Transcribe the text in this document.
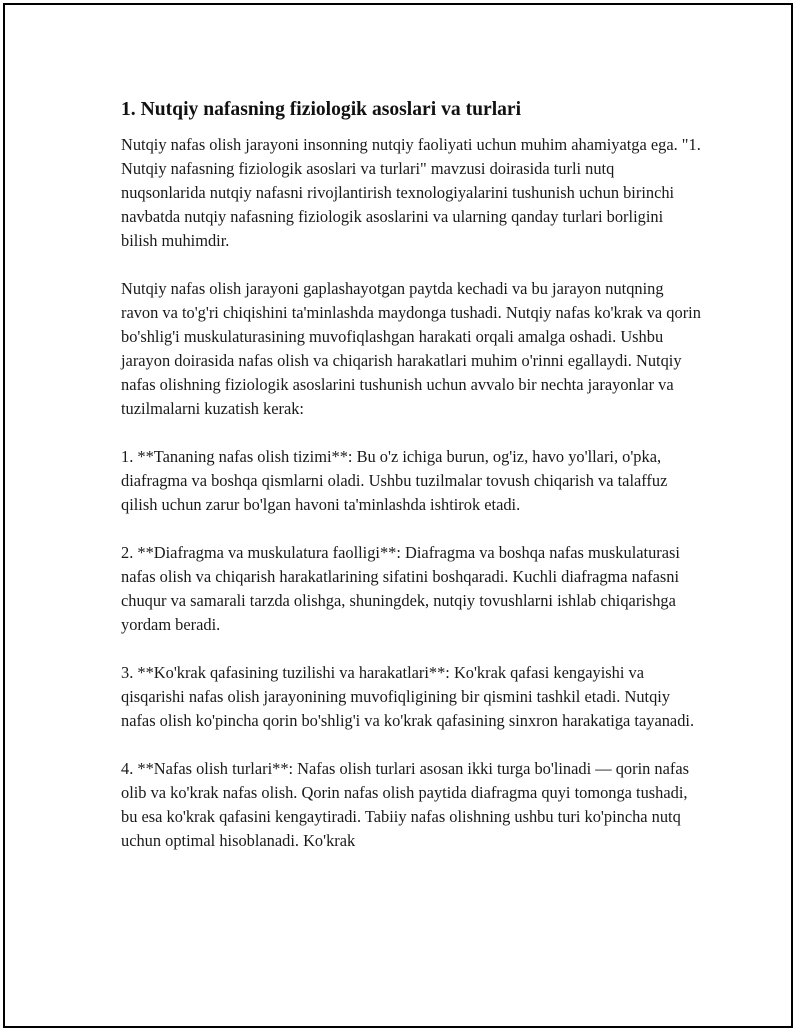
1. Nutqiy nafasning fiziologik asoslari va turlari

Nutqiy nafas olish jarayoni insonning nutqiy faoliyati uchun muhim ahamiyatga ega. "1. Nutqiy nafasning fiziologik asoslari va turlari" mavzusi doirasida turli nutq nuqsonlarida nutqiy nafasni rivojlantirish texnologiyalarini tushunish uchun birinchi navbatda nutqiy nafasning fiziologik asoslarini va ularning qanday turlari borligini bilish muhimdir.

Nutqiy nafas olish jarayoni gaplashayotgan paytda kechadi va bu jarayon nutqning ravon va to'g'ri chiqishini ta'minlashda maydonga tushadi. Nutqiy nafas ko'krak va qorin bo'shlig'i muskulaturasining muvofiqlashgan harakati orqali amalga oshadi. Ushbu jarayon doirasida nafas olish va chiqarish harakatlari muhim o'rinni egallaydi. Nutqiy nafas olishning fiziologik asoslarini tushunish uchun avvalo bir nechta jarayonlar va tuzilmalarni kuzatish kerak:

1. **Tananing nafas olish tizimi**: Bu o'z ichiga burun, og'iz, havo yo'llari, o'pka, diafragma va boshqa qismlarni oladi. Ushbu tuzilmalar tovush chiqarish va talaffuz qilish uchun zarur bo'lgan havoni ta'minlashda ishtirok etadi.

2. **Diafragma va muskulatura faolligi**: Diafragma va boshqa nafas muskulaturasi nafas olish va chiqarish harakatlarining sifatini boshqaradi. Kuchli diafragma nafasni chuqur va samarali tarzda olishga, shuningdek, nutqiy tovushlarni ishlab chiqarishga yordam beradi.

3. **Ko'krak qafasining tuzilishi va harakatlari**: Ko'krak qafasi kengayishi va qisqarishi nafas olish jarayonining muvofiqligining bir qismini tashkil etadi. Nutqiy nafas olish ko'pincha qorin bo'shlig'i va ko'krak qafasining sinxron harakatiga tayanadi.

4. **Nafas olish turlari**: Nafas olish turlari asosan ikki turga bo'linadi — qorin nafas olib va ko'krak nafas olish. Qorin nafas olish paytida diafragma quyi tomonga tushadi, bu esa ko'krak qafasini kengaytiradi. Tabiiy nafas olishning ushbu turi ko'pincha nutq uchun optimal hisoblanadi. Ko'krak
